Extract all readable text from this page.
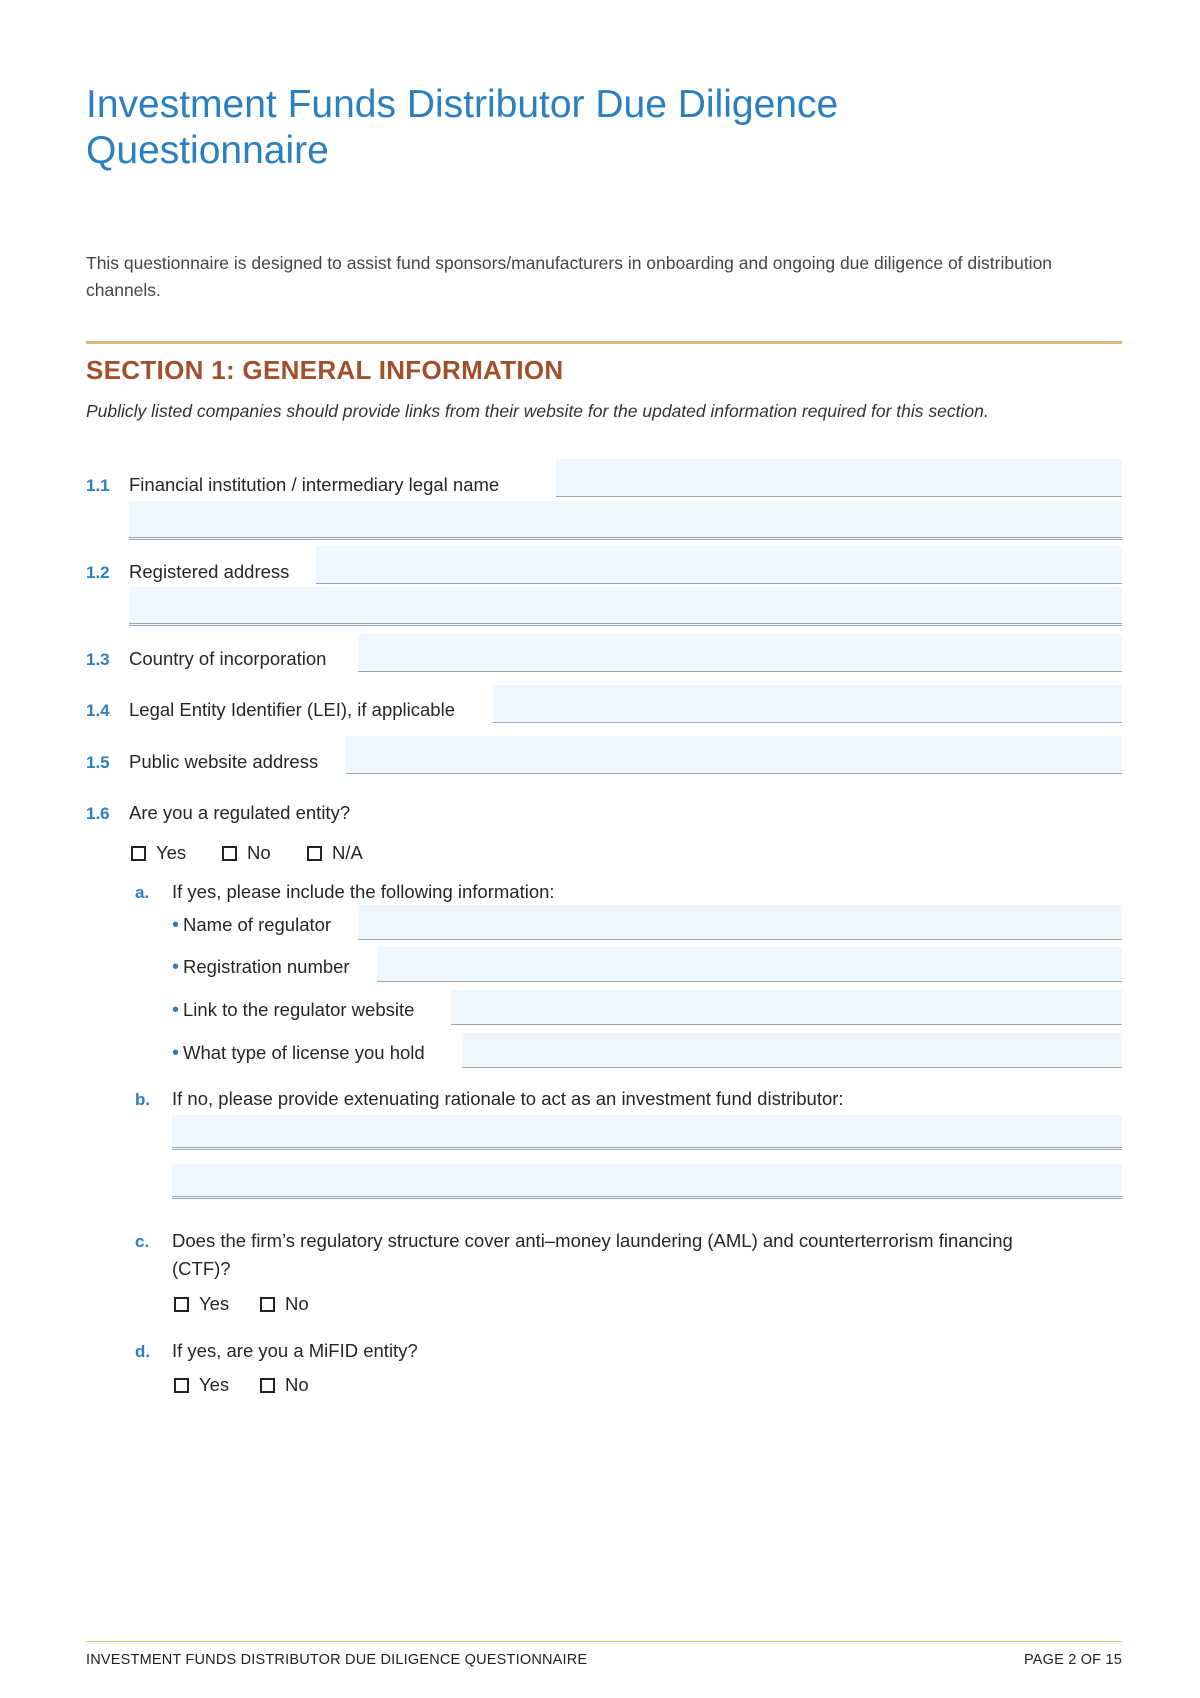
Investment Funds Distributor Due Diligence
Questionnaire

This questionnaire is designed to assist fund sponsors/manufacturers in onboarding and ongoing due diligence of distribution channels.

SECTION 1: GENERAL INFORMATION

Publicly listed companies should provide links from their website for the updated information required for this section.

1.1 Financial institution / intermediary legal name
1.2 Registered address
1.3 Country of incorporation
1.4 Legal Entity Identifier (LEI), if applicable
1.5 Public website address
1.6 Are you a regulated entity?
Yes	No	N/A
a. If yes, please include the following information:
• Name of regulator
• Registration number
• Link to the regulator website
• What type of license you hold
b. If no, please provide extenuating rationale to act as an investment fund distributor:
c. Does the firm’s regulatory structure cover anti–money laundering (AML) and counterterrorism financing
(CTF)?
Yes	No
d. If yes, are you a MiFID entity?
Yes	No
INVESTMENT FUNDS DISTRIBUTOR DUE DILIGENCE QUESTIONNAIRE	PAGE 2 OF 15
